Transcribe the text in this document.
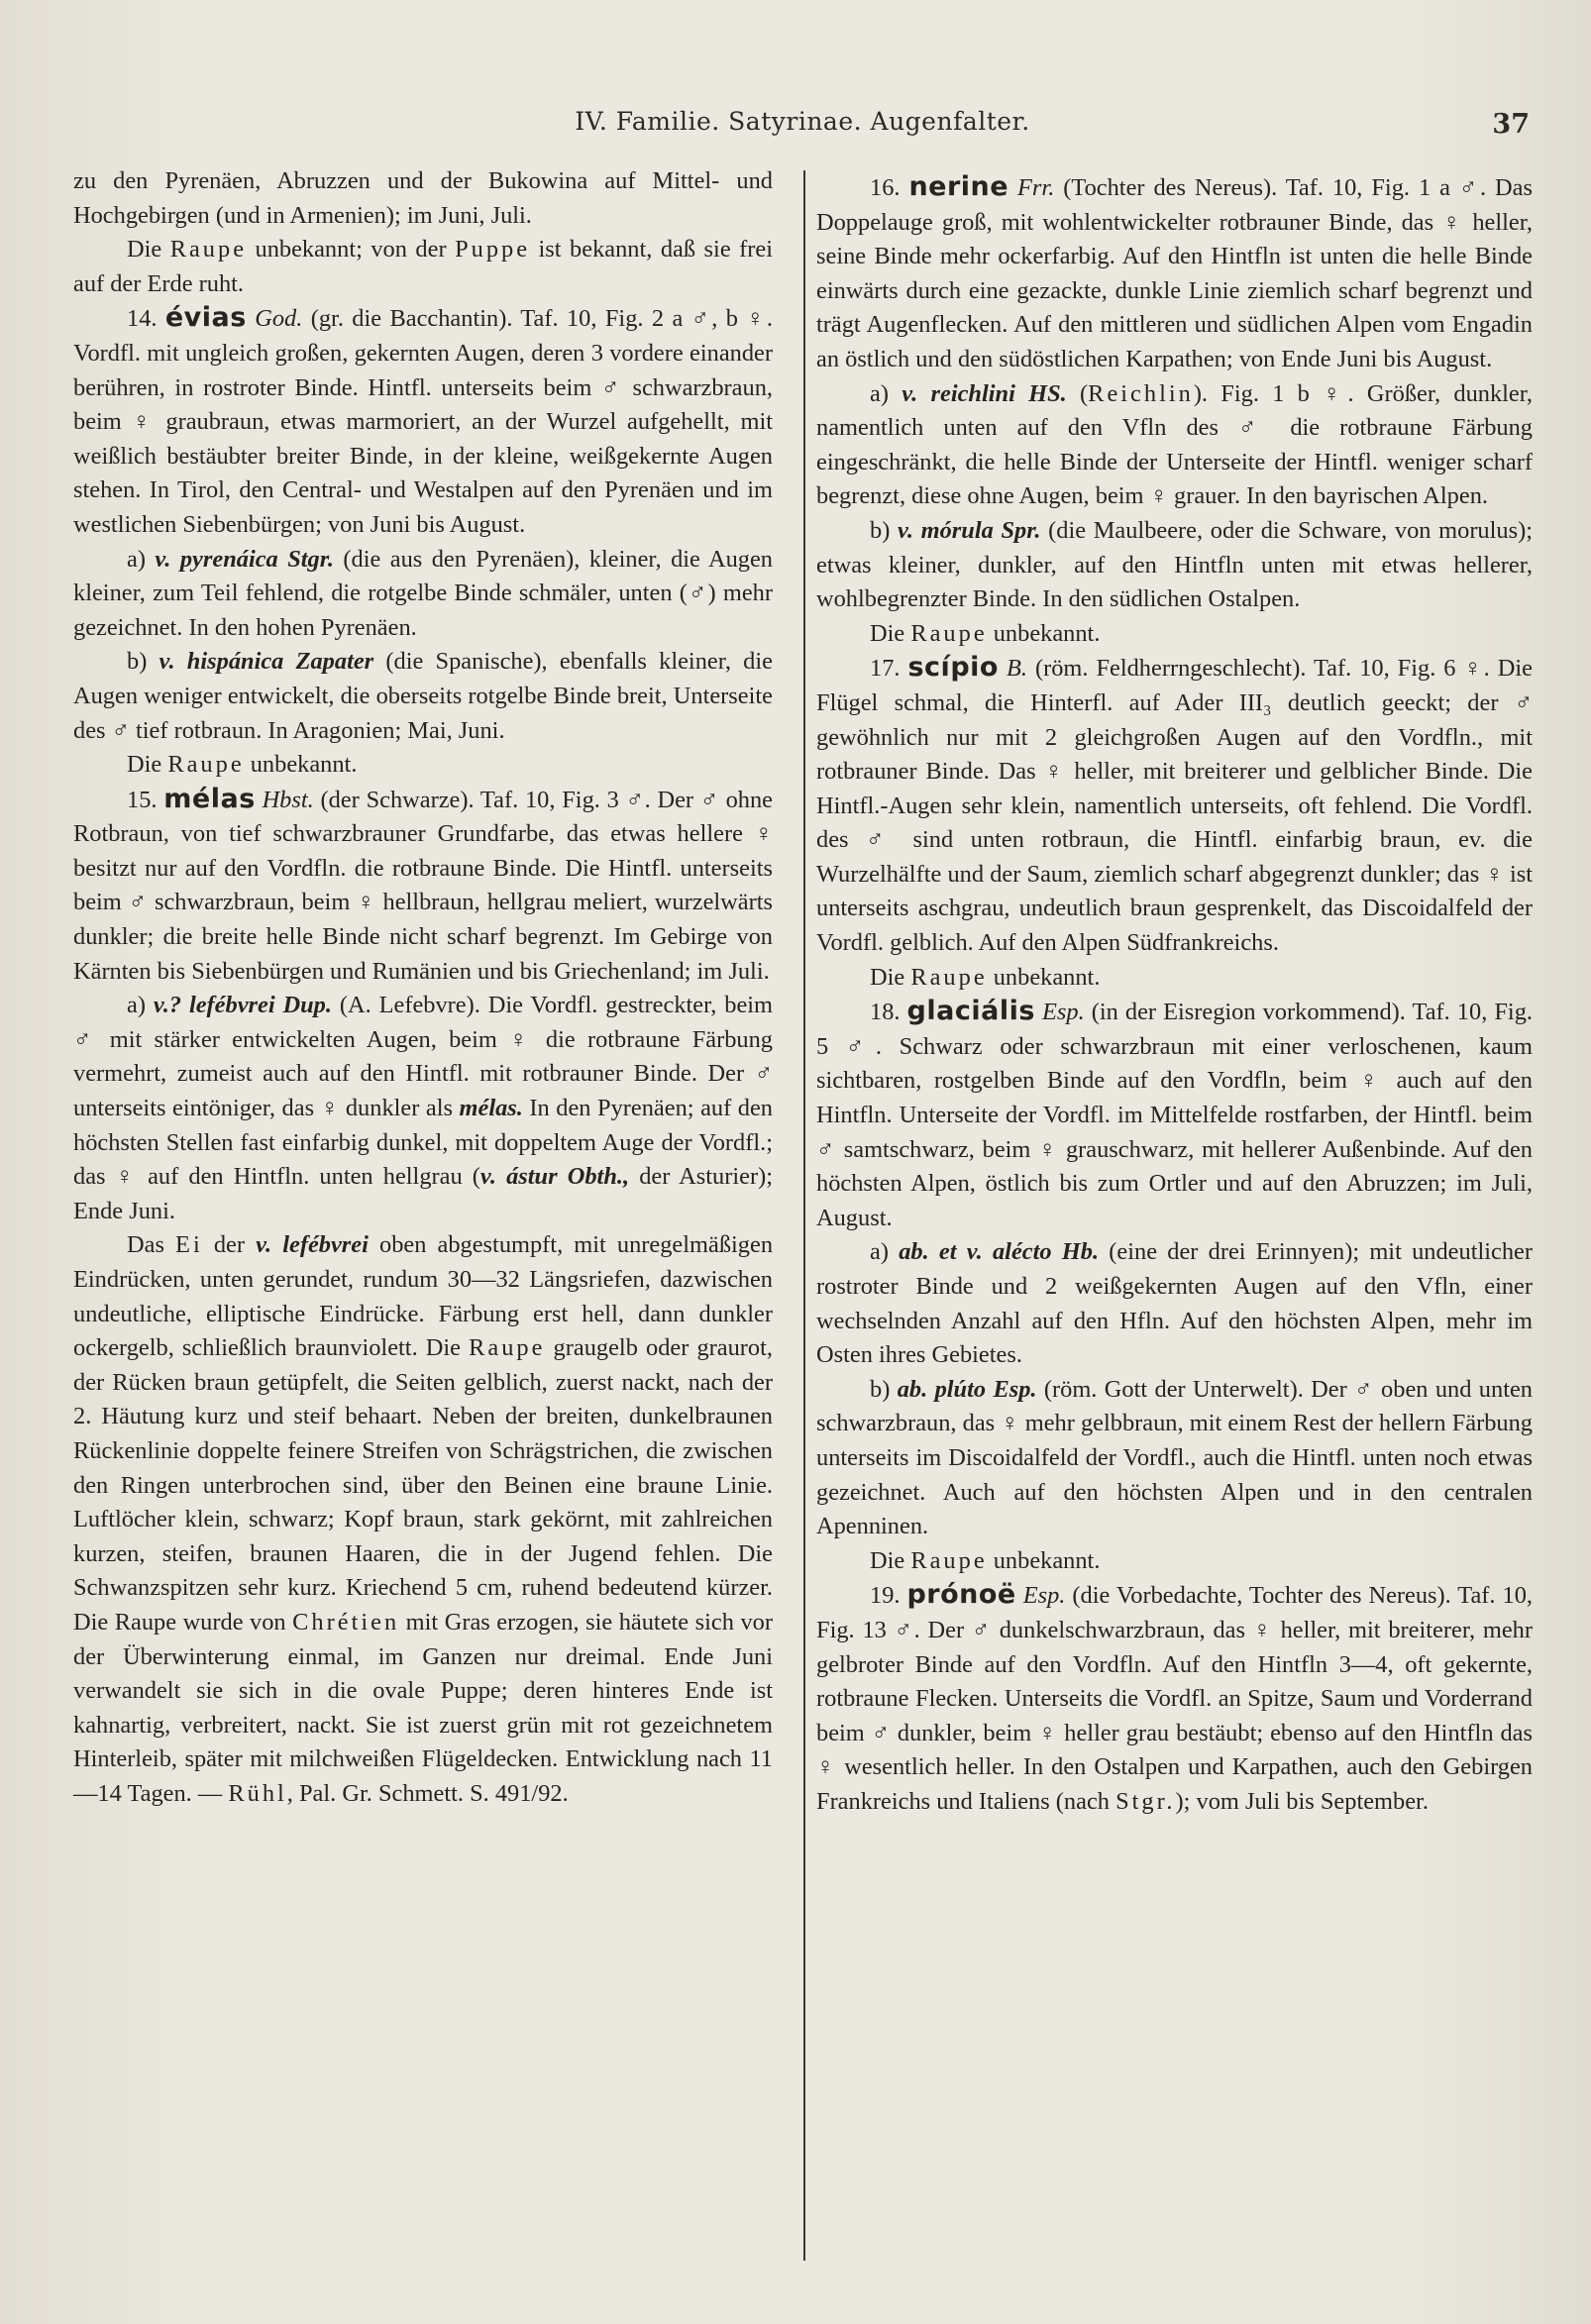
IV. Familie. Satyrinae. Augenfalter.	37

zu den Pyrenäen, Abruzzen und der Bukowina auf Mittel- und Hochgebirgen (und in Armenien); im Juni, Juli.

Die Raupe unbekannt; von der Puppe ist bekannt, daß sie frei auf der Erde ruht.

14. évias God. (gr. die Bacchantin). Taf. 10, Fig. 2 a ♂, b ♀. Vordfl. mit ungleich großen, gekernten Augen, deren 3 vordere einander berühren, in rostroter Binde. Hintfl. unterseits beim ♂ schwarzbraun, beim ♀ graubraun, etwas marmoriert, an der Wurzel aufgehellt, mit weißlich bestäubter breiter Binde, in der kleine, weißgekernte Augen stehen. In Tirol, den Central- und Westalpen auf den Pyrenäen und im westlichen Siebenbürgen; von Juni bis August.

a) v. pyrenáica Stgr. (die aus den Pyrenäen), kleiner, die Augen kleiner, zum Teil fehlend, die rotgelbe Binde schmäler, unten (♂) mehr gezeichnet. In den hohen Pyrenäen.

b) v. hispánica Zapater (die Spanische), ebenfalls kleiner, die Augen weniger entwickelt, die oberseits rotgelbe Binde breit, Unterseite des ♂ tief rotbraun. In Aragonien; Mai, Juni.

Die Raupe unbekannt.

15. mélas Hbst. (der Schwarze). Taf. 10, Fig. 3 ♂. Der ♂ ohne Rotbraun, von tief schwarzbrauner Grundfarbe, das etwas hellere ♀ besitzt nur auf den Vordfln. die rotbraune Binde. Die Hintfl. unterseits beim ♂ schwarzbraun, beim ♀ hellbraun, hellgrau meliert, wurzelwärts dunkler; die breite helle Binde nicht scharf begrenzt. Im Gebirge von Kärnten bis Siebenbürgen und Rumänien und bis Griechenland; im Juli.

a) v.? lefébvrei Dup. (A. Lefebvre). Die Vordfl. gestreckter, beim ♂ mit stärker entwickelten Augen, beim ♀ die rotbraune Färbung vermehrt, zumeist auch auf den Hintfl. mit rotbrauner Binde. Der ♂ unterseits eintöniger, das ♀ dunkler als mélas. In den Pyrenäen; auf den höchsten Stellen fast einfarbig dunkel, mit doppeltem Auge der Vordfl.; das ♀ auf den Hintfln. unten hellgrau (v. ástur Obth., der Asturier); Ende Juni.

Das Ei der v. lefébvrei oben abgestumpft, mit unregelmäßigen Eindrücken, unten gerundet, rundum 30—32 Längsriefen, dazwischen undeutliche, elliptische Eindrücke. Färbung erst hell, dann dunkler ockergelb, schließlich braunviolett. Die Raupe graugelb oder graurot, der Rücken braun getüpfelt, die Seiten gelblich, zuerst nackt, nach der 2. Häutung kurz und steif behaart. Neben der breiten, dunkelbraunen Rückenlinie doppelte feinere Streifen von Schrägstrichen, die zwischen den Ringen unterbrochen sind, über den Beinen eine braune Linie. Luftlöcher klein, schwarz; Kopf braun, stark gekörnt, mit zahlreichen kurzen, steifen, braunen Haaren, die in der Jugend fehlen. Die Schwanzspitzen sehr kurz. Kriechend 5 cm, ruhend bedeutend kürzer. Die Raupe wurde von Chrétien mit Gras erzogen, sie häutete sich vor der Überwinterung einmal, im Ganzen nur dreimal. Ende Juni verwandelt sie sich in die ovale Puppe; deren hinteres Ende ist kahnartig, verbreitert, nackt. Sie ist zuerst grün mit rot gezeichnetem Hinterleib, später mit milchweißen Flügeldecken. Entwicklung nach 11—14 Tagen. — Rühl, Pal. Gr. Schmett. S. 491/92.

16. nerine Frr. (Tochter des Nereus). Taf. 10, Fig. 1 a ♂. Das Doppelauge groß, mit wohlentwickelter rotbrauner Binde, das ♀ heller, seine Binde mehr ockerfarbig. Auf den Hintfln ist unten die helle Binde einwärts durch eine gezackte, dunkle Linie ziemlich scharf begrenzt und trägt Augenflecken. Auf den mittleren und südlichen Alpen vom Engadin an östlich und den südöstlichen Karpathen; von Ende Juni bis August.

a) v. reichlini HS. (Reichlin). Fig. 1 b ♀. Größer, dunkler, namentlich unten auf den Vfln des ♂ die rotbraune Färbung eingeschränkt, die helle Binde der Unterseite der Hintfl. weniger scharf begrenzt, diese ohne Augen, beim ♀ grauer. In den bayrischen Alpen.

b) v. mórula Spr. (die Maulbeere, oder die Schware, von morulus); etwas kleiner, dunkler, auf den Hintfln unten mit etwas hellerer, wohlbegrenzter Binde. In den südlichen Ostalpen.

Die Raupe unbekannt.

17. scípio B. (röm. Feldherrngeschlecht). Taf. 10, Fig. 6 ♀. Die Flügel schmal, die Hinterfl. auf Ader III₃ deutlich geeckt; der ♂ gewöhnlich nur mit 2 gleichgroßen Augen auf den Vordfln., mit rotbrauner Binde. Das ♀ heller, mit breiterer und gelblicher Binde. Die Hintfl.-Augen sehr klein, namentlich unterseits, oft fehlend. Die Vordfl. des ♂ sind unten rotbraun, die Hintfl. einfarbig braun, ev. die Wurzelhälfte und der Saum, ziemlich scharf abgegrenzt dunkler; das ♀ ist unterseits aschgrau, undeutlich braun gesprenkelt, das Discoidalfeld der Vordfl. gelblich. Auf den Alpen Südfrankreichs.

Die Raupe unbekannt.

18. glaciális Esp. (in der Eisregion vorkommend). Taf. 10, Fig. 5 ♂. Schwarz oder schwarzbraun mit einer verloschenen, kaum sichtbaren, rostgelben Binde auf den Vordfln, beim ♀ auch auf den Hintfln. Unterseite der Vordfl. im Mittelfelde rostfarben, der Hintfl. beim ♂ samtschwarz, beim ♀ grauschwarz, mit hellerer Außenbinde. Auf den höchsten Alpen, östlich bis zum Ortler und auf den Abruzzen; im Juli, August.

a) ab. et v. alécto Hb. (eine der drei Erinnyen); mit undeutlicher rostroter Binde und 2 weißgekernten Augen auf den Vfln, einer wechselnden Anzahl auf den Hfln. Auf den höchsten Alpen, mehr im Osten ihres Gebietes.

b) ab. plúto Esp. (röm. Gott der Unterwelt). Der ♂ oben und unten schwarzbraun, das ♀ mehr gelbbraun, mit einem Rest der hellern Färbung unterseits im Discoidalfeld der Vordfl., auch die Hintfl. unten noch etwas gezeichnet. Auch auf den höchsten Alpen und in den centralen Apenninen.

Die Raupe unbekannt.

19. prónoë Esp. (die Vorbedachte, Tochter des Nereus). Taf. 10, Fig. 13 ♂. Der ♂ dunkelschwarzbraun, das ♀ heller, mit breiterer, mehr gelbroter Binde auf den Vordfln. Auf den Hintfln 3—4, oft gekernte, rotbraune Flecken. Unterseits die Vordfl. an Spitze, Saum und Vorderrand beim ♂ dunkler, beim ♀ heller grau bestäubt; ebenso auf den Hintfln das ♀ wesentlich heller. In den Ostalpen und Karpathen, auch den Gebirgen Frankreichs und Italiens (nach Stgr.); vom Juli bis September.
